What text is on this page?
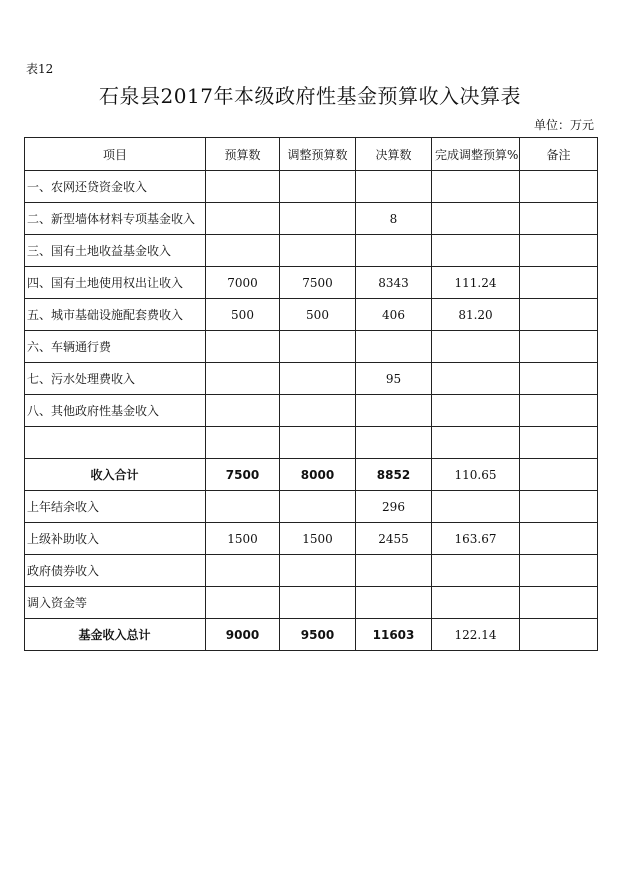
表12
石泉县2017年本级政府性基金预算收入决算表
单位：万元
项目	预算数	调整预算数	决算数	完成调整预算%	备注
一、农网还贷资金收入					
二、新型墙体材料专项基金收入			8		
三、国有土地收益基金收入					
四、国有土地使用权出让收入	7000	7500	8343	111.24	
五、城市基础设施配套费收入	500	500	406	81.20	
六、车辆通行费					
七、污水处理费收入			95		
八、其他政府性基金收入					

收入合计	7500	8000	8852	110.65	
上年结余收入			296		
上级补助收入	1500	1500	2455	163.67	
政府债券收入					
调入资金等					
基金收入总计	9000	9500	11603	122.14	
